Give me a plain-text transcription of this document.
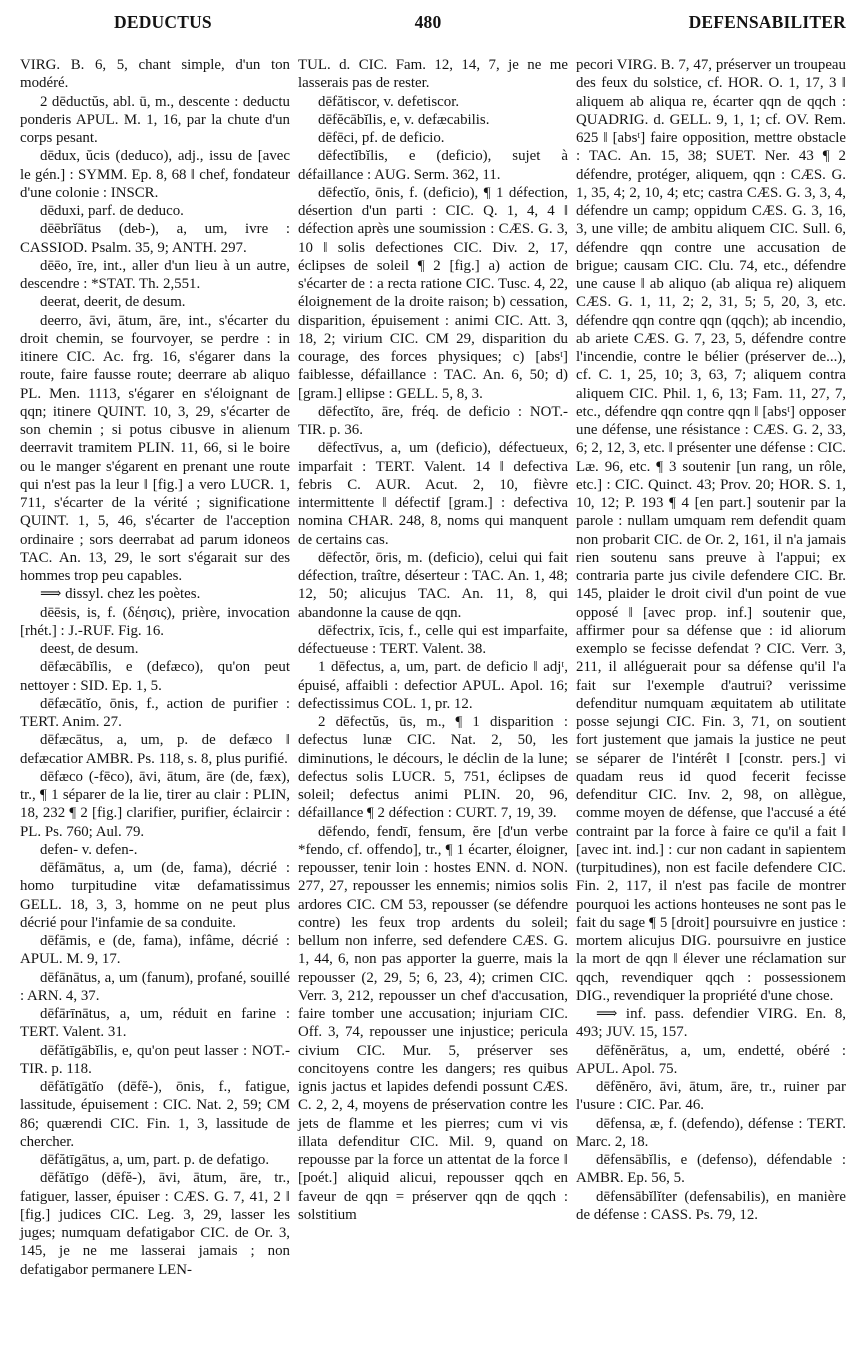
DEDUCTUS	480	DEFENSABILITER

VIRG. B. 6, 5, chant simple, d'un ton modéré.

2 dēductŭs, abl. ū, m., descente : deductu ponderis APUL. M. 1, 16, par la chute d'un corps pesant.

dēdux, ŭcis (deduco), adj., issu de [avec le gén.] : SYMM. Ep. 8, 68 ‖ chef, fondateur d'une colonie : INSCR.

dēduxi, parf. de deduco.

dēēbrĭātus (deb-), a, um, ivre : CASSIOD. Psalm. 35, 9; ANTH. 297.

dēēo, īre, int., aller d'un lieu à un autre, descendre : *STAT. Th. 2,551.

deerat, deerit, de desum.

deerro, āvi, ātum, āre, int., s'écarter du droit chemin, se fourvoyer, se perdre : in itinere CIC. Ac. frg. 16, s'égarer dans la route, faire fausse route; deerrare ab aliquo PL. Men. 1113, s'égarer en s'éloignant de qqn; itinere QUINT. 10, 3, 29, s'écarter de son chemin ; si potus cibusve in alienum deerravit tramitem PLIN. 11, 66, si le boire ou le manger s'égarent en prenant une route qui n'est pas la leur ‖ [fig.] a vero LUCR. 1, 711, s'écarter de la vérité ; significatione QUINT. 1, 5, 46, s'écarter de l'acception ordinaire ; sors deerrabat ad parum idoneos TAC. An. 13, 29, le sort s'égarait sur des hommes trop peu capables.

⟹ dissyl. chez les poètes.

dēēsis, is, f. (δέησις), prière, invocation [rhét.] : J.-RUF. Fig. 16.

deest, de desum.

dēfæcābĭlis, e (defæco), qu'on peut nettoyer : SID. Ep. 1, 5.

dēfæcātĭo, ōnis, f., action de purifier : TERT. Anim. 27.

dēfæcātus, a, um, p. de defæco ‖ defæcatior AMBR. Ps. 118, s. 8, plus purifié.

dēfæco (-fēco), āvi, ātum, āre (de, fæx), tr., ¶ 1 séparer de la lie, tirer au clair : PLIN, 18, 232 ¶ 2 [fig.] clarifier, purifier, éclaircir : PL. Ps. 760; Aul. 79.

defen- v. defen-.

dēfāmātus, a, um (de, fama), décrié : homo turpitudine vitæ defamatissimus GELL. 18, 3, 3, homme on ne peut plus décrié pour l'infamie de sa conduite.

dēfāmis, e (de, fama), infâme, décrié : APUL. M. 9, 17.

dēfānātus, a, um (fanum), profané, souillé : ARN. 4, 37.

dēfārīnātus, a, um, réduit en farine : TERT. Valent. 31.

dēfătīgābĭlis, e, qu'on peut lasser : NOT.-TIR. p. 118.

dēfătīgātĭo (dēfĕ-), ōnis, f., fatigue, lassitude, épuisement : CIC. Nat. 2, 59; CM 86; quærendi CIC. Fin. 1, 3, lassitude de chercher.

dēfătīgātus, a, um, part. p. de defatigo.

dēfătīgo (dēfĕ-), āvi, ātum, āre, tr., fatiguer, lasser, épuiser : CÆS. G. 7, 41, 2 ‖ [fig.] judices CIC. Leg. 3, 29, lasser les juges; numquam defatigabor CIC. de Or. 3, 145, je ne me lasserai jamais ; non defatigabor permanere LEN-

TUL. d. CIC. Fam. 12, 14, 7, je ne me lasserais pas de rester.

dēfătiscor, v. defetiscor.

dēfĕcābĭlis, e, v. defæcabilis.

dēfēci, pf. de deficio.

dēfectĭbĭlis, e (deficio), sujet à défaillance : AUG. Serm. 362, 11.

dēfectĭo, ōnis, f. (deficio), ¶ 1 défection, désertion d'un parti : CIC. Q. 1, 4, 4 ‖ défection après une soumission : CÆS. G. 3, 10 ‖ solis defectiones CIC. Div. 2, 17, éclipses de soleil ¶ 2 [fig.] a) action de s'écarter de : a recta ratione CIC. Tusc. 4, 22, éloignement de la droite raison; b) cessation, disparition, épuisement : animi CIC. Att. 3, 18, 2; virium CIC. CM 29, disparition du courage, des forces physiques; c) [absᵗ] faiblesse, défaillance : TAC. An. 6, 50; d) [gram.] ellipse : GELL. 5, 8, 3.

dēfectĭto, āre, fréq. de deficio : NOT.-TIR. p. 36.

dēfectīvus, a, um (deficio), défectueux, imparfait : TERT. Valent. 14 ‖ defectiva febris C. AUR. Acut. 2, 10, fièvre intermittente ‖ défectif [gram.] : defectiva nomina CHAR. 248, 8, noms qui manquent de certains cas.

dēfectŏr, ōris, m. (deficio), celui qui fait défection, traître, déserteur : TAC. An. 1, 48; 12, 50; alicujus TAC. An. 11, 8, qui abandonne la cause de qqn.

dēfectrix, īcis, f., celle qui est imparfaite, défectueuse : TERT. Valent. 38.

1 dēfectus, a, um, part. de deficio ‖ adjᵗ, épuisé, affaibli : defectior APUL. Apol. 16; defectissimus COL. 1, pr. 12.

2 dēfectŭs, ūs, m., ¶ 1 disparition : defectus lunæ CIC. Nat. 2, 50, les diminutions, le décours, le déclin de la lune; defectus solis LUCR. 5, 751, éclipses de soleil; defectus animi PLIN. 20, 96, défaillance ¶ 2 défection : CURT. 7, 19, 39.

dēfendo, fendī, fensum, ĕre [d'un verbe *fendo, cf. offendo], tr., ¶ 1 écarter, éloigner, repousser, tenir loin : hostes ENN. d. NON. 277, 27, repousser les ennemis; nimios solis ardores CIC. CM 53, repousser (se défendre contre) les feux trop ardents du soleil; bellum non inferre, sed defendere CÆS. G. 1, 44, 6, non pas apporter la guerre, mais la repousser (2, 29, 5; 6, 23, 4); crimen CIC. Verr. 3, 212, repousser un chef d'accusation, faire tomber une accusation; injuriam CIC. Off. 3, 74, repousser une injustice; pericula civium CIC. Mur. 5, préserver ses concitoyens contre les dangers; res quibus ignis jactus et lapides defendi possunt CÆS. C. 2, 2, 4, moyens de préservation contre les jets de flamme et les pierres; cum vi vis illata defenditur CIC. Mil. 9, quand on repousse par la force un attentat de la force ‖ [poét.] aliquid alicui, repousser qqch en faveur de qqn = préserver qqn de qqch : solstitium

pecori VIRG. B. 7, 47, préserver un troupeau des feux du solstice, cf. HOR. O. 1, 17, 3 ‖ aliquem ab aliqua re, écarter qqn de qqch : QUADRIG. d. GELL. 9, 1, 1; cf. OV. Rem. 625 ‖ [absᵗ] faire opposition, mettre obstacle : TAC. An. 15, 38; SUET. Ner. 43 ¶ 2 défendre, protéger, aliquem, qqn : CÆS. G. 1, 35, 4; 2, 10, 4; etc; castra CÆS. G. 3, 3, 4, défendre un camp; oppidum CÆS. G. 3, 16, 3, une ville; de ambitu aliquem CIC. Sull. 6, défendre qqn contre une accusation de brigue; causam CIC. Clu. 74, etc., défendre une cause ‖ ab aliquo (ab aliqua re) aliquem CÆS. G. 1, 11, 2; 2, 31, 5; 5, 20, 3, etc. défendre qqn contre qqn (qqch); ab incendio, ab ariete CÆS. G. 7, 23, 5, défendre contre l'incendie, contre le bélier (préserver de...), cf. C. 1, 25, 10; 3, 63, 7; aliquem contra aliquem CIC. Phil. 1, 6, 13; Fam. 11, 27, 7, etc., défendre qqn contre qqn ‖ [absᵗ] opposer une défense, une résistance : CÆS. G. 2, 33, 6; 2, 12, 3, etc. ‖ présenter une défense : CIC. Læ. 96, etc. ¶ 3 soutenir [un rang, un rôle, etc.] : CIC. Quinct. 43; Prov. 20; HOR. S. 1, 10, 12; P. 193 ¶ 4 [en part.] soutenir par la parole : nullam umquam rem defendit quam non probarit CIC. de Or. 2, 161, il n'a jamais rien soutenu sans preuve à l'appui; ex contraria parte jus civile defendere CIC. Br. 145, plaider le droit civil d'un point de vue opposé ‖ [avec prop. inf.] soutenir que, affirmer pour sa défense que : id aliorum exemplo se fecisse defendat ? CIC. Verr. 3, 211, il alléguerait pour sa défense qu'il l'a fait sur l'exemple d'autrui? verissime defenditur numquam æquitatem ab utilitate posse sejungi CIC. Fin. 3, 71, on soutient fort justement que jamais la justice ne peut se séparer de l'intérêt ‖ [constr. pers.] vi quadam reus id quod fecerit fecisse defenditur CIC. Inv. 2, 98, on allègue, comme moyen de défense, que l'accusé a été contraint par la force à faire ce qu'il a fait ‖ [avec int. ind.] : cur non cadant in sapientem (turpitudines), non est facile defendere CIC. Fin. 2, 117, il n'est pas facile de montrer pourquoi les actions honteuses ne sont pas le fait du sage ¶ 5 [droit] poursuivre en justice : mortem alicujus DIG. poursuivre en justice la mort de qqn ‖ élever une réclamation sur qqch, revendiquer qqch : possessionem DIG., revendiquer la propriété d'une chose.

⟹ inf. pass. defendier VIRG. En. 8, 493; JUV. 15, 157.

dēfĕnĕrātus, a, um, endetté, obéré : APUL. Apol. 75.

dēfĕnĕro, āvi, ātum, āre, tr., ruiner par l'usure : CIC. Par. 46.

dēfensa, æ, f. (defendo), défense : TERT. Marc. 2, 18.

dēfensābĭlis, e (defenso), défendable : AMBR. Ep. 56, 5.

dēfensābĭlĭter (defensabilis), en manière de défense : CASS. Ps. 79, 12.
